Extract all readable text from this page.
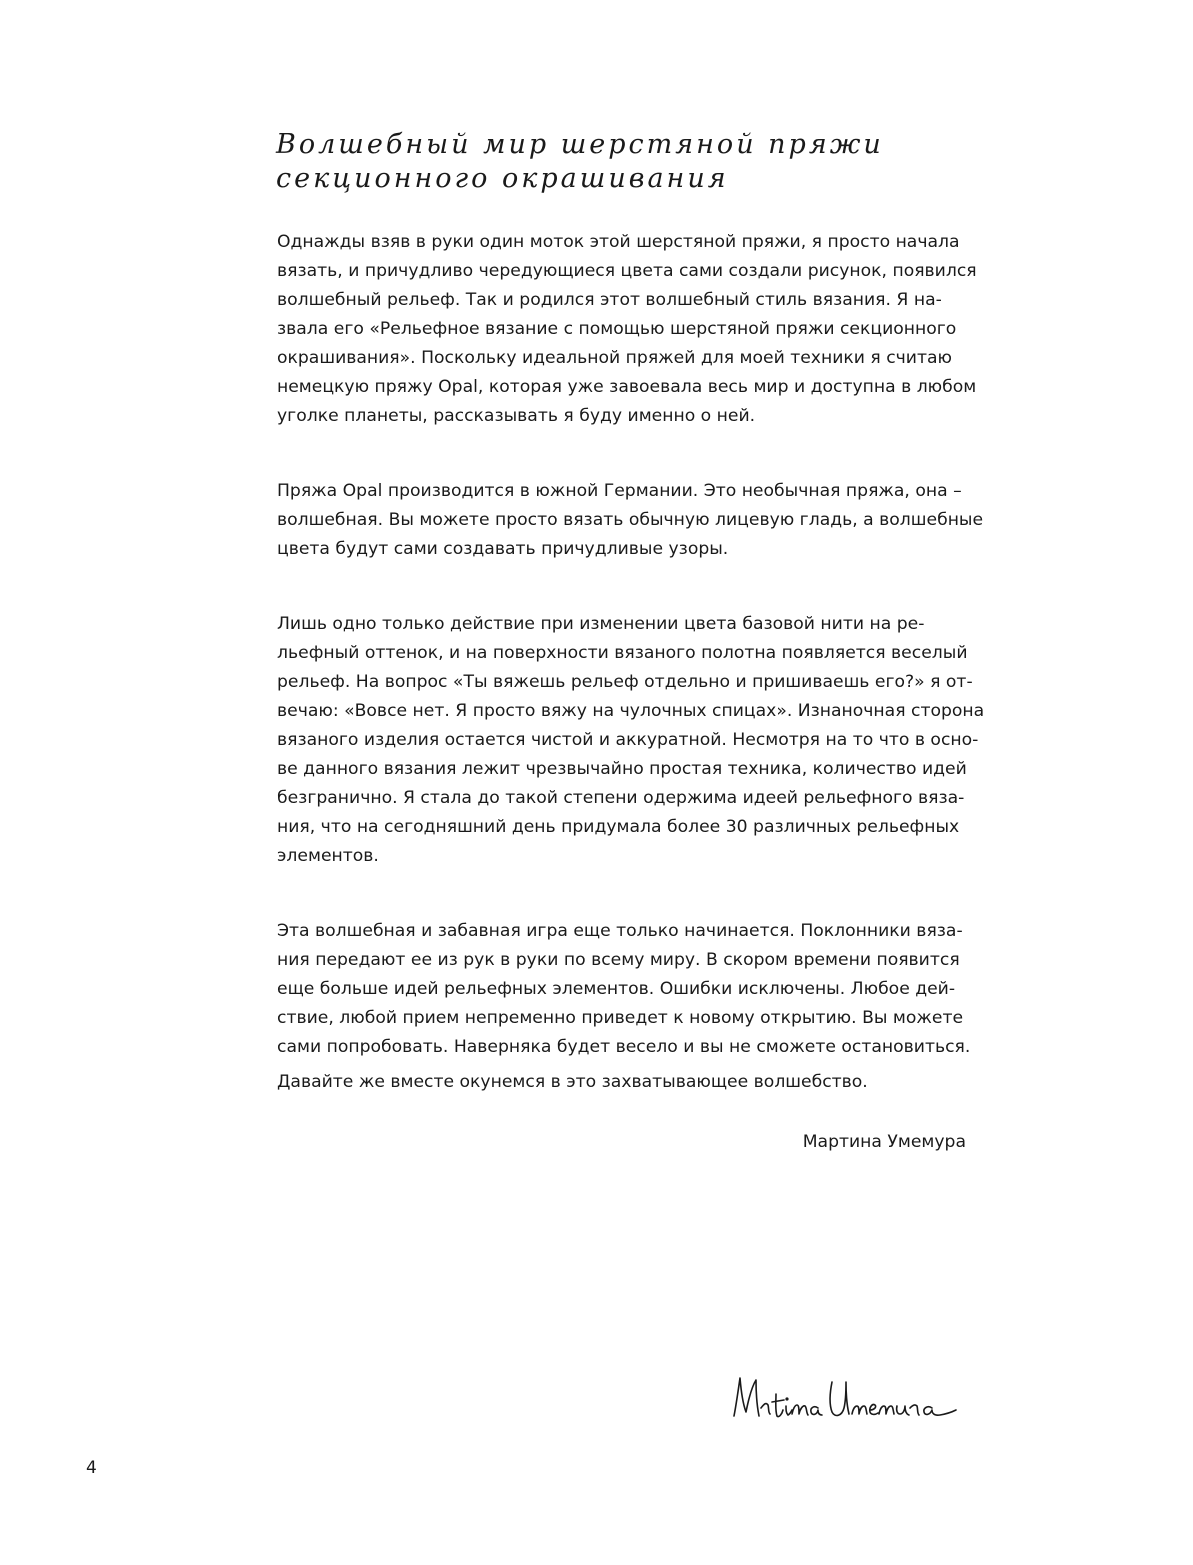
Волшебный мир шерстяной пряжи
секционного окрашивания

Однажды взяв в руки один моток этой шерстяной пряжи, я просто начала
вязать, и причудливо чередующиеся цвета сами создали рисунок, появился
волшебный рельеф. Так и родился этот волшебный стиль вязания. Я на-
звала его «Рельефное вязание с помощью шерстяной пряжи секционного
окрашивания». Поскольку идеальной пряжей для моей техники я считаю
немецкую пряжу Opal, которая уже завоевала весь мир и доступна в любом
уголке планеты, рассказывать я буду именно о ней.

Пряжа Opal производится в южной Германии. Это необычная пряжа, она –
волшебная. Вы можете просто вязать обычную лицевую гладь, а волшебные
цвета будут сами создавать причудливые узоры.

Лишь одно только действие при изменении цвета базовой нити на ре-
льефный оттенок, и на поверхности вязаного полотна появляется веселый
рельеф. На вопрос «Ты вяжешь рельеф отдельно и пришиваешь его?» я от-
вечаю: «Вовсе нет. Я просто вяжу на чулочных спицах». Изнаночная сторона
вязаного изделия остается чистой и аккуратной. Несмотря на то что в осно-
ве данного вязания лежит чрезвычайно простая техника, количество идей
безгранично. Я стала до такой степени одержима идеей рельефного вяза-
ния, что на сегодняшний день придумала более 30 различных рельефных
элементов.

Эта волшебная и забавная игра еще только начинается. Поклонники вяза-
ния передают ее из рук в руки по всему миру. В скором времени появится
еще больше идей рельефных элементов. Ошибки исключены. Любое дей-
ствие, любой прием непременно приведет к новому открытию. Вы можете
сами попробовать. Наверняка будет весело и вы не сможете остановиться.

Давайте же вместе окунемся в это захватывающее волшебство.

Мартина Умемура
4
